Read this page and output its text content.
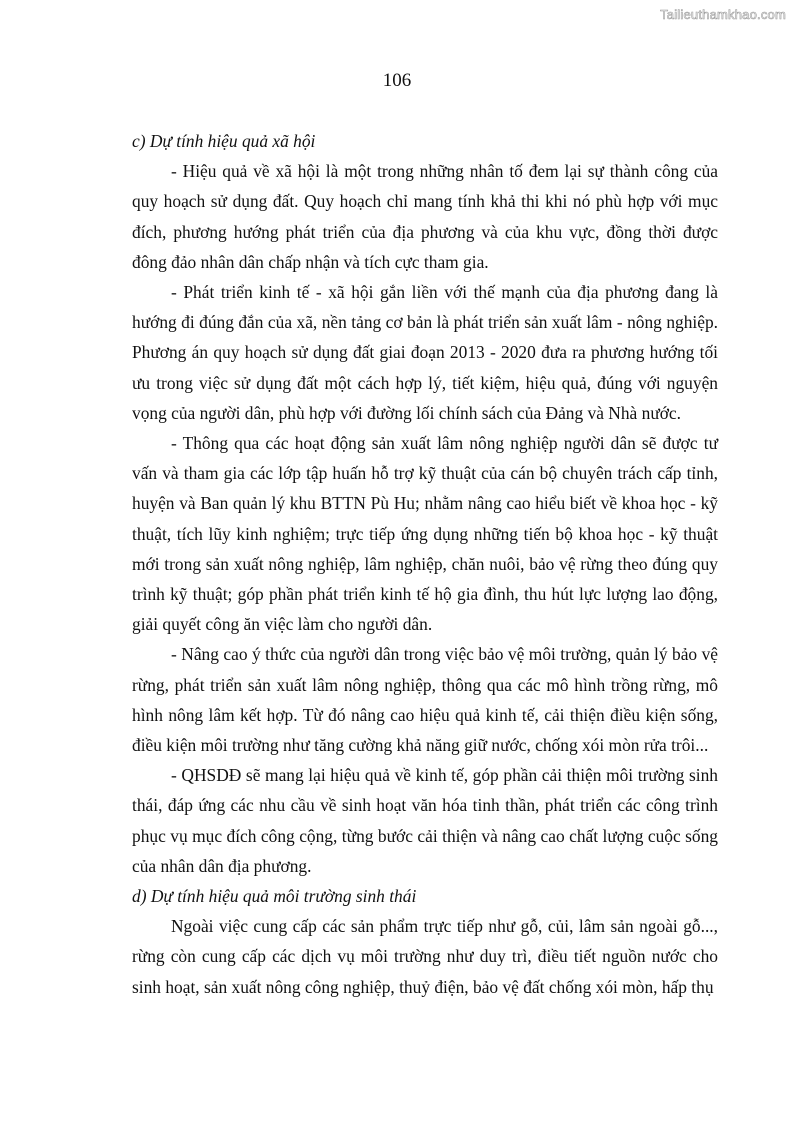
Tailieuthamkhao.com
106

c) Dự tính hiệu quả xã hội

- Hiệu quả về xã hội là một trong những nhân tố đem lại sự thành công của quy hoạch sử dụng đất. Quy hoạch chỉ mang tính khả thi khi nó phù hợp với mục đích, phương hướng phát triển của địa phương và của khu vực, đồng thời được đông đảo nhân dân chấp nhận và tích cực tham gia.

- Phát triển kinh tế - xã hội gắn liền với thế mạnh của địa phương đang là hướng đi đúng đắn của xã, nền tảng cơ bản là phát triển sản xuất lâm - nông nghiệp. Phương án quy hoạch sử dụng đất giai đoạn 2013 - 2020 đưa ra phương hướng tối ưu trong việc sử dụng đất một cách hợp lý, tiết kiệm, hiệu quả, đúng với nguyện vọng của người dân, phù hợp với đường lối chính sách của Đảng và Nhà nước.

- Thông qua các hoạt động sản xuất lâm nông nghiệp người dân sẽ được tư vấn và tham gia các lớp tập huấn hỗ trợ kỹ thuật của cán bộ chuyên trách cấp tỉnh, huyện và Ban quản lý khu BTTN Pù Hu; nhằm nâng cao hiểu biết về khoa học - kỹ thuật, tích lũy kinh nghiệm; trực tiếp ứng dụng những tiến bộ khoa học - kỹ thuật mới trong sản xuất nông nghiệp, lâm nghiệp, chăn nuôi, bảo vệ rừng theo đúng quy trình kỹ thuật; góp phần phát triển kinh tế hộ gia đình, thu hút lực lượng lao động, giải quyết công ăn việc làm cho người dân.

- Nâng cao ý thức của người dân trong việc bảo vệ môi trường, quản lý bảo vệ rừng, phát triển sản xuất lâm nông nghiệp, thông qua các mô hình trồng rừng, mô hình nông lâm kết hợp. Từ đó nâng cao hiệu quả kinh tế, cải thiện điều kiện sống, điều kiện môi trường như tăng cường khả năng giữ nước, chống xói mòn rửa trôi...

- QHSDĐ sẽ mang lại hiệu quả về kinh tế, góp phần cải thiện môi trường sinh thái, đáp ứng các nhu cầu về sinh hoạt văn hóa tinh thần, phát triển các công trình phục vụ mục đích công cộng, từng bước cải thiện và nâng cao chất lượng cuộc sống của nhân dân địa phương.

d) Dự tính hiệu quả môi trường sinh thái

Ngoài việc cung cấp các sản phẩm trực tiếp như gỗ, củi, lâm sản ngoài gỗ..., rừng còn cung cấp các dịch vụ môi trường như duy trì, điều tiết nguồn nước cho sinh hoạt, sản xuất nông công nghiệp, thuỷ điện, bảo vệ đất chống xói mòn, hấp thụ
